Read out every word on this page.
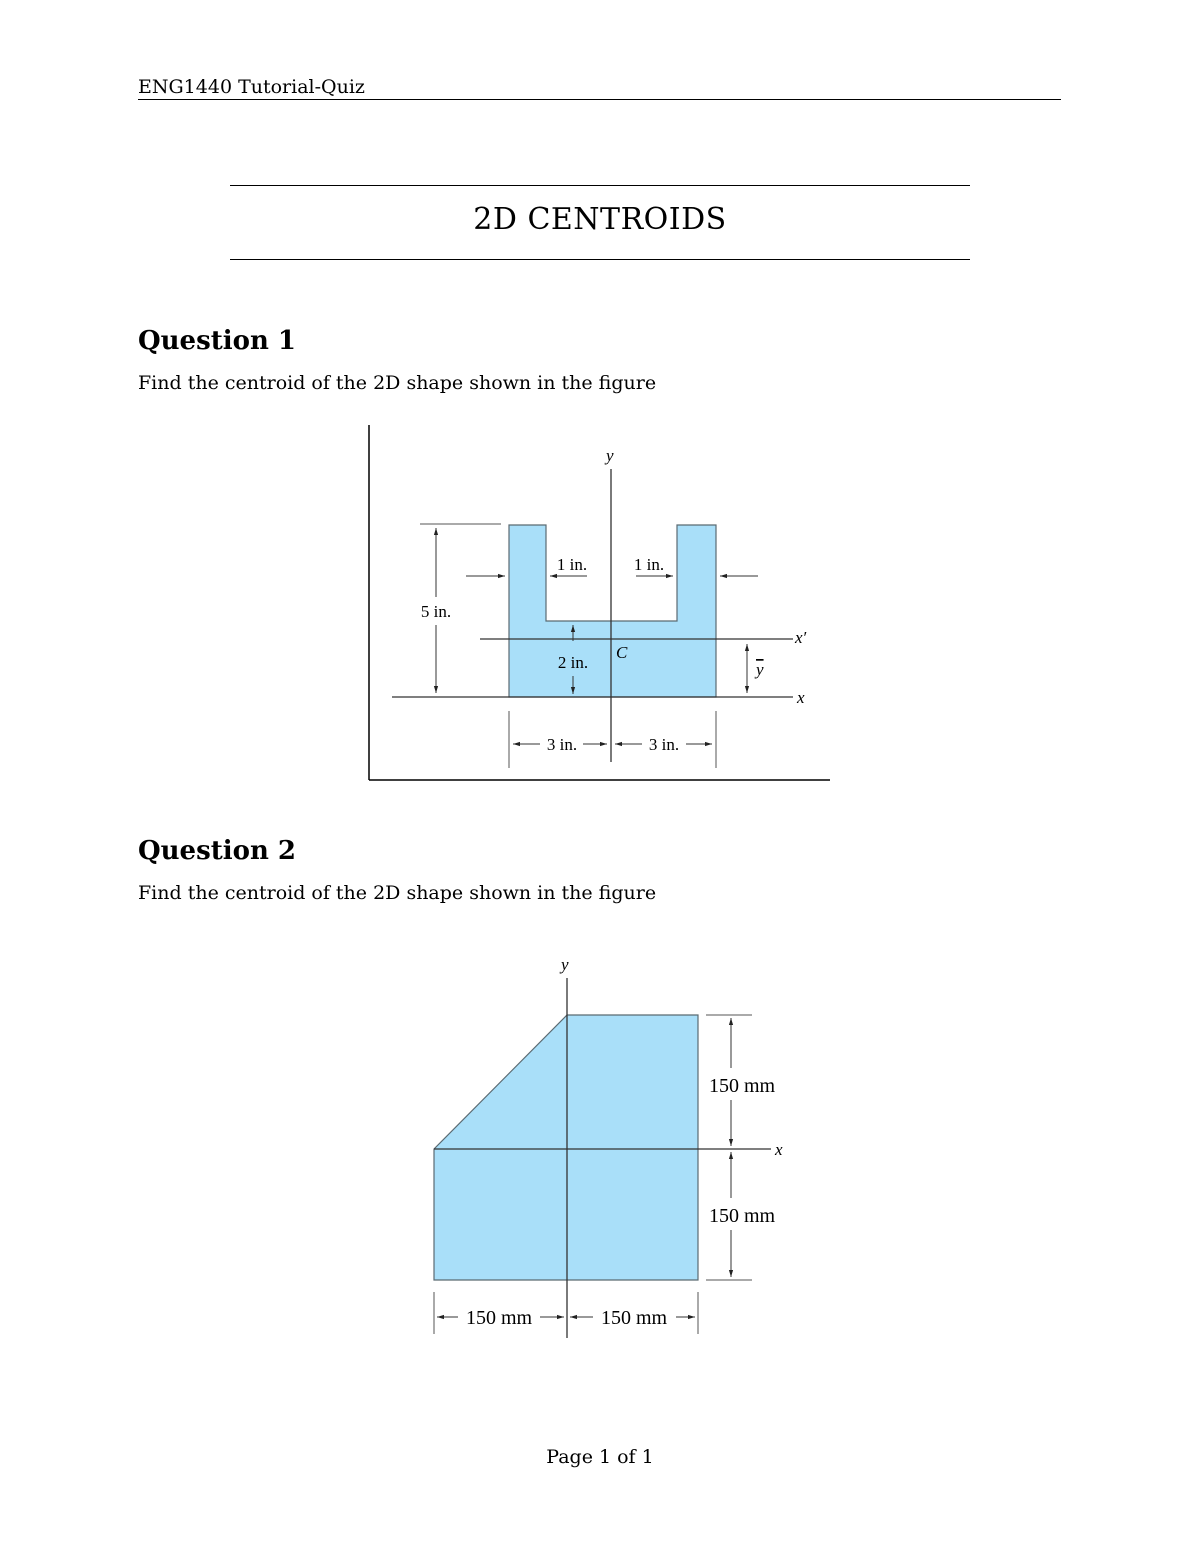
ENG1440 Tutorial-Quiz
2D CENTROIDS
Question 1
Find the centroid of the 2D shape shown in the figure
y
x
x′
C
5 in.
1 in.	1 in.
2 in.	y
3 in.	3 in.
Question 2
Find the centroid of the 2D shape shown in the figure
y
x
150 mm
150 mm
150 mm	150 mm
Page 1 of 1
